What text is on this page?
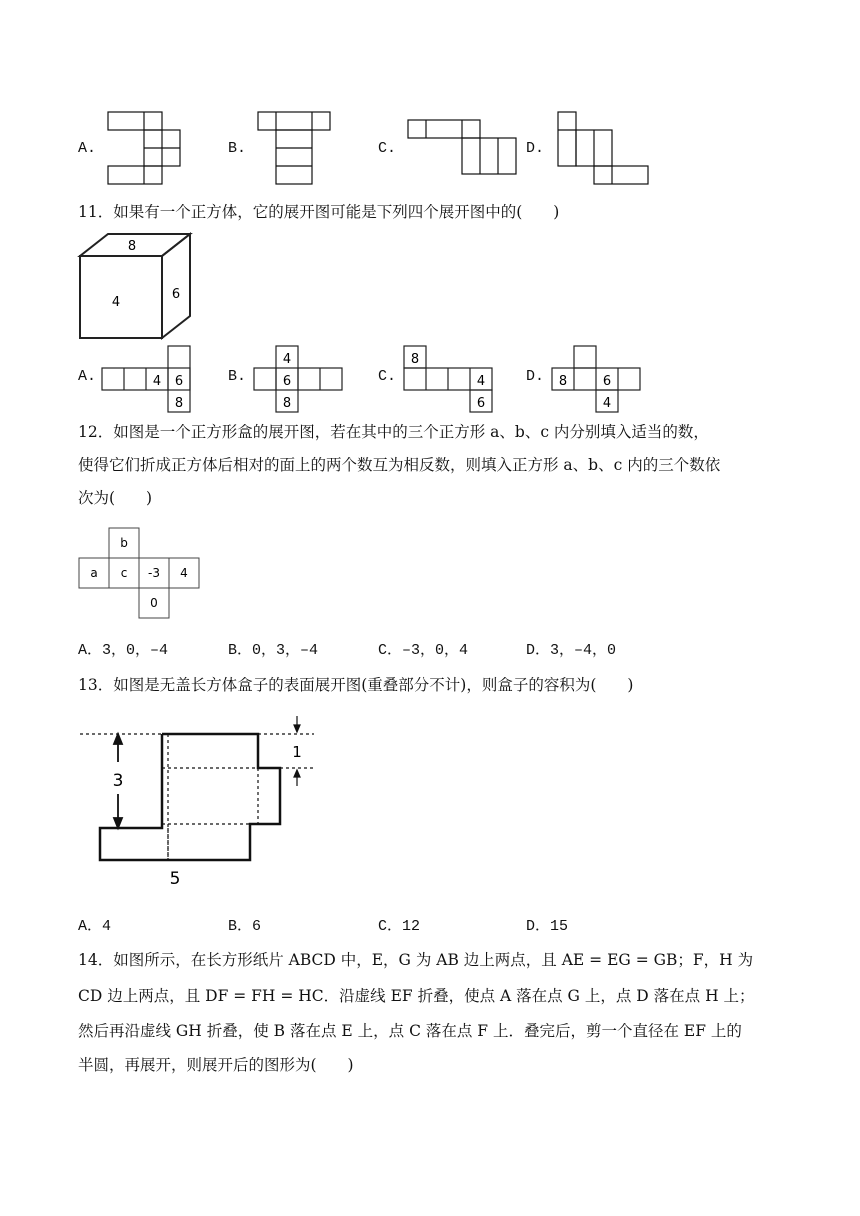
A.	B.	C.	D.
11．如果有一个正方体，它的展开图可能是下列四个展开图中的(　　)
8
4
6
A.	4 6
8
B.
4
6
8
C.
8
4
6
D. 8	6
4
12．如图是一个正方形盒的展开图，若在其中的三个正方形 a、b、c 内分别填入适当的数，
使得它们折成正方体后相对的面上的两个数互为相反数，则填入正方形 a、b、c 内的三个数依
次为(　　)
b
a c -3 4
0
A．3，0，–4	B．0，3，–4	C．–3，0，4	D．3，–4，0
13．如图是无盖长方体盒子的表面展开图(重叠部分不计)，则盒子的容积为(　　)
3
1
5
A．4	B．6	C．12	D．15
14．如图所示，在长方形纸片 ABCD 中，E，G 为 AB 边上两点，且 AE = EG = GB；F，H 为
CD 边上两点，且 DF = FH = HC．沿虚线 EF 折叠，使点 A 落在点 G 上，点 D 落在点 H 上；
然后再沿虚线 GH 折叠，使 B 落在点 E 上，点 C 落在点 F 上．叠完后，剪一个直径在 EF 上的
半圆，再展开，则展开后的图形为(　　)
